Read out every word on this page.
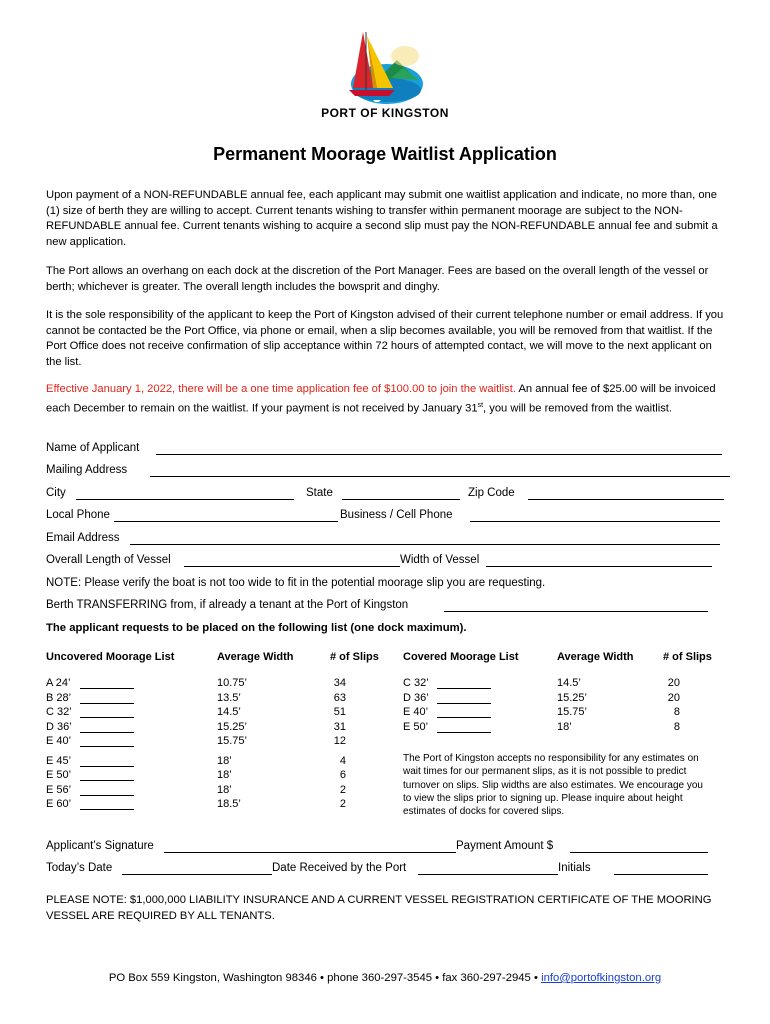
PORT OF KINGSTON
Permanent Moorage Waitlist Application
Upon payment of a NON-REFUNDABLE annual fee, each applicant may submit one waitlist application and indicate, no more than, one (1) size of berth they are willing to accept. Current tenants wishing to transfer within permanent moorage are subject to the NON-REFUNDABLE annual fee. Current tenants wishing to acquire a second slip must pay the NON-REFUNDABLE annual fee and submit a new application.
The Port allows an overhang on each dock at the discretion of the Port Manager. Fees are based on the overall length of the vessel or berth; whichever is greater. The overall length includes the bowsprit and dinghy.
It is the sole responsibility of the applicant to keep the Port of Kingston advised of their current telephone number or email address. If you cannot be contacted be the Port Office, via phone or email, when a slip becomes available, you will be removed from that waitlist. If the Port Office does not receive confirmation of slip acceptance within 72 hours of attempted contact, we will move to the next applicant on the list.
Effective January 1, 2022, there will be a one time application fee of $100.00 to join the waitlist. An annual fee of $25.00 will be invoiced each December to remain on the waitlist. If your payment is not received by January 31st, you will be removed from the waitlist.
Name of Applicant
Mailing Address
City	State	Zip Code
Local Phone	Business / Cell Phone
Email Address
Overall Length of Vessel	Width of Vessel
NOTE: Please verify the boat is not too wide to fit in the potential moorage slip you are requesting.
Berth TRANSFERRING from, if already a tenant at the Port of Kingston
The applicant requests to be placed on the following list (one dock maximum).
Uncovered Moorage List	Average Width	# of Slips Covered Moorage List	Average Width	# of Slips
A 24’	10.75’	34
B 28’	13.5’	63
C 32’	14.5’	51
D 36’	15.25’	31
E 40’	15.75’	12
E 45’	18’	4
E 50’	18’	6
E 56’	18’	2
E 60’	18.5’	2
C 32’	14.5’	20
D 36’	15.25’	20
E 40’	15.75’	8
E 50’	18’	8
The Port of Kingston accepts no responsibility for any estimates on wait times for our permanent slips, as it is not possible to predict turnover on slips. Slip widths are also estimates. We encourage you to view the slips prior to signing up. Please inquire about height estimates of docks for covered slips.
Applicant’s Signature	Payment Amount $
Today’s Date	Date Received by the Port	Initials
PLEASE NOTE: $1,000,000 LIABILITY INSURANCE AND A CURRENT VESSEL REGISTRATION CERTIFICATE OF THE MOORING VESSEL ARE REQUIRED BY ALL TENANTS.
PO Box 559 Kingston, Washington 98346 • phone 360-297-3545 • fax 360-297-2945 • info@portofkingston.org
